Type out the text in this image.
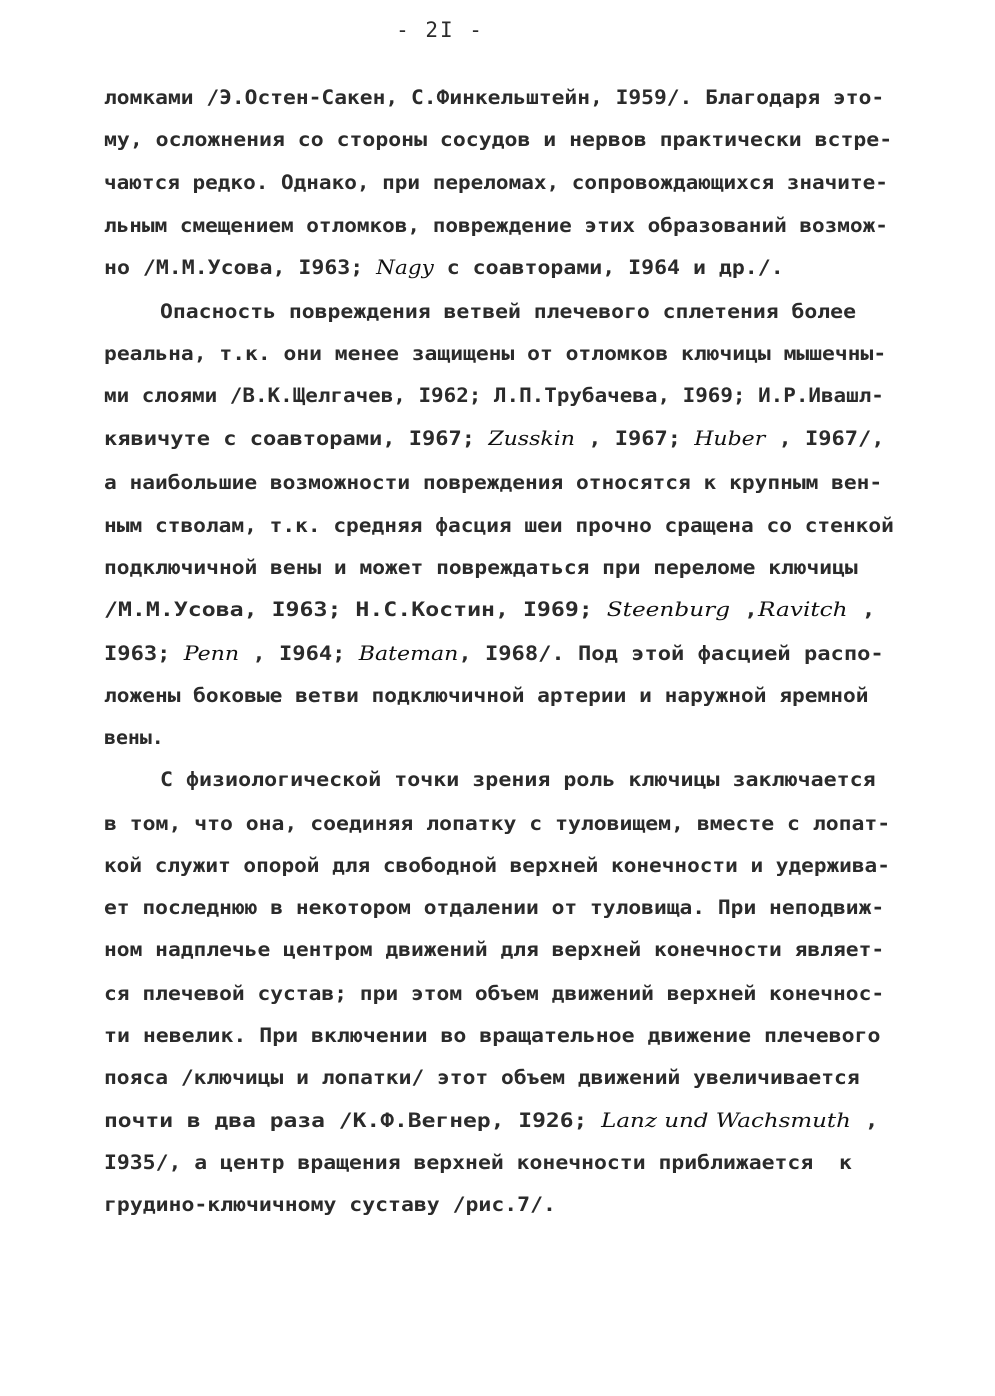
- 2I -
ломками /Э.Остен-Сакен, С.Финкельштейн, I959/. Благодаря это-
му, осложнения со стороны сосудов и нервов практически встре-
чаются редко. Однако, при переломах, сопровождающихся значите-
льным смещением отломков, повреждение этих образований возмож-
но /М.М.Усова, I963; Nagy с соавторами, I964 и др./.
Опасность повреждения ветвей плечевого сплетения более
реальна, т.к. они менее защищены от отломков ключицы мышечны-
ми слоями /В.К.Щелгачев, I962; Л.П.Трубачева, I969; И.Р.Ивашл-
кявичуте с соавторами, I967; Zusskin , I967; Huber , I967/,
а наибольшие возможности повреждения относятся к крупным вен-
ным стволам, т.к. средняя фасция шеи прочно сращена со стенкой
подключичной вены и может повреждаться при переломе ключицы
/М.М.Усова, I963; Н.С.Костин, I969; Steenburg ,Ravitch ,
I963; Penn , I964; Bateman, I968/. Под этой фасцией распо-
ложены боковые ветви подключичной артерии и наружной яремной
вены.
С физиологической точки зрения роль ключицы заключается
в том, что она, соединяя лопатку с туловищем, вместе с лопат-
кой служит опорой для свободной верхней конечности и удержива-
ет последнюю в некотором отдалении от туловища. При неподвиж-
ном надплечье центром движений для верхней конечности являет-
ся плечевой сустав; при этом объем движений верхней конечнос-
ти невелик. При включении во вращательное движение плечевого
пояса /ключицы и лопатки/ этот объем движений увеличивается
почти в два раза /К.Ф.Вегнер, I926; Lanz und Wachsmuth ,
I935/, а центр вращения верхней конечности приближается  к
грудино-ключичному суставу /рис.7/.
